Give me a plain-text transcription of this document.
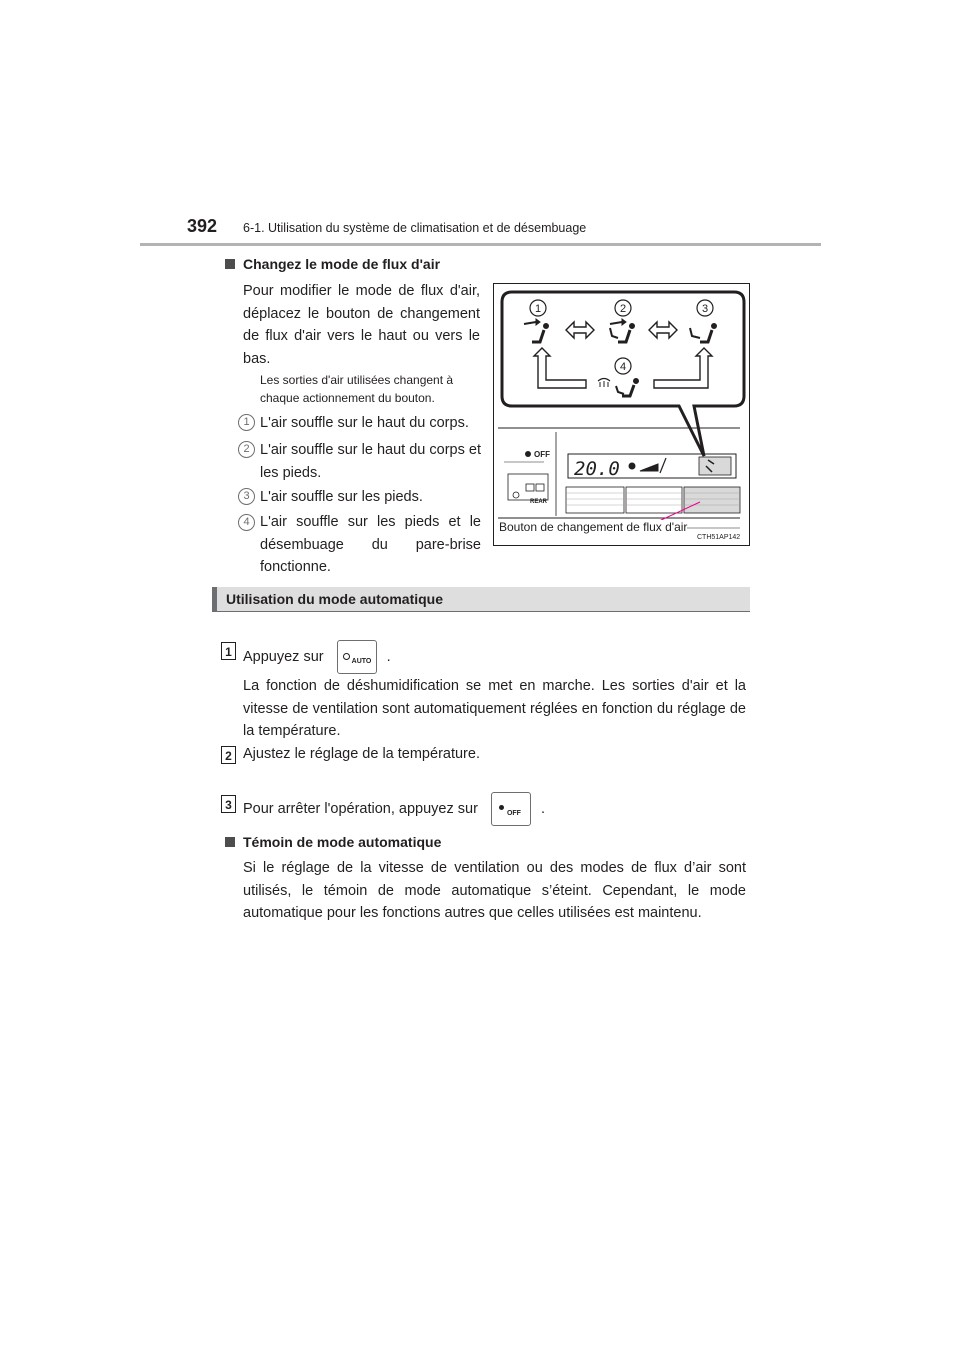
392 6-1. Utilisation du système de climatisation et de désembuage
Changez le mode de flux d'air
Pour modifier le mode de flux d'air, déplacez le bouton de changement de flux d'air vers le haut ou vers le bas.
Les sorties d'air utilisées changent à chaque actionnement du bouton.
1 L'air souffle sur le haut du corps.
2 L'air souffle sur le haut du corps et les pieds.
3 L'air souffle sur les pieds.
4 L'air souffle sur les pieds et le désembuage du pare-brise fonctionne.
1	2	3
4
REAR
OFF
20.0
Bouton de changement de flux d'air
CTH51AP142
Utilisation du mode automatique
1 Appuyez sur	AUTO .
La fonction de déshumidification se met en marche. Les sorties d'air et la vitesse de ventilation sont automatiquement réglées en fonction du réglage de la température.
2 Ajustez le réglage de la température.
3 Pour arrêter l'opération, appuyez sur	OFF .
Témoin de mode automatique
Si le réglage de la vitesse de ventilation ou des modes de flux d’air sont utilisés, le témoin de mode automatique s’éteint. Cependant, le mode automatique pour les fonctions autres que celles utilisées est maintenu.
